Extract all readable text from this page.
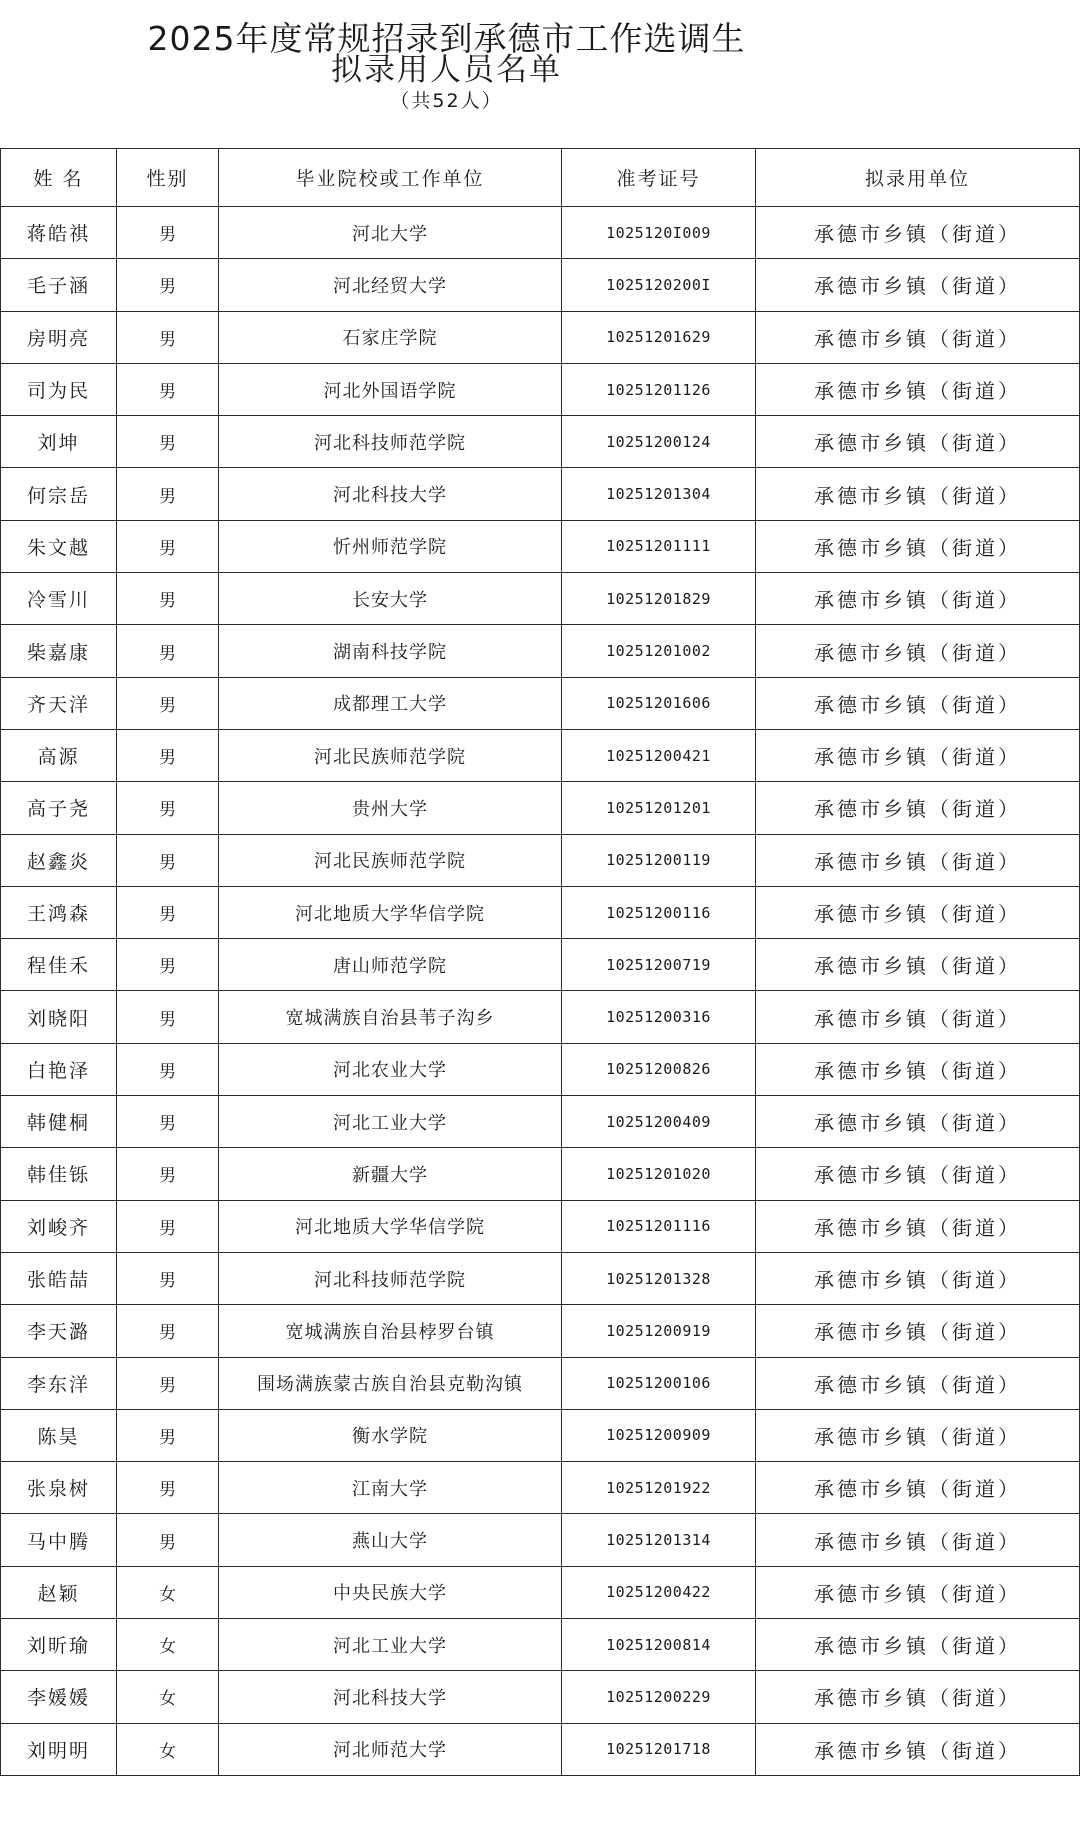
2025年度常规招录到承德市工作选调生
拟录用人员名单
（共52人）
姓 名	性别	毕业院校或工作单位	准考证号	拟录用单位
蒋皓祺	男	河北大学	1025120I009	承德市乡镇（街道）
毛子涵	男	河北经贸大学	1025120200I	承德市乡镇（街道）
房明亮	男	石家庄学院	10251201629	承德市乡镇（街道）
司为民	男	河北外国语学院	10251201126	承德市乡镇（街道）
刘坤	男	河北科技师范学院	10251200124	承德市乡镇（街道）
何宗岳	男	河北科技大学	10251201304	承德市乡镇（街道）
朱文越	男	忻州师范学院	10251201111	承德市乡镇（街道）
冷雪川	男	长安大学	10251201829	承德市乡镇（街道）
柴嘉康	男	湖南科技学院	10251201002	承德市乡镇（街道）
齐天洋	男	成都理工大学	10251201606	承德市乡镇（街道）
高源	男	河北民族师范学院	10251200421	承德市乡镇（街道）
高子尧	男	贵州大学	10251201201	承德市乡镇（街道）
赵鑫炎	男	河北民族师范学院	10251200119	承德市乡镇（街道）
王鸿森	男	河北地质大学华信学院	10251200116	承德市乡镇（街道）
程佳禾	男	唐山师范学院	10251200719	承德市乡镇（街道）
刘晓阳	男	宽城满族自治县苇子沟乡	10251200316	承德市乡镇（街道）
白艳泽	男	河北农业大学	10251200826	承德市乡镇（街道）
韩健桐	男	河北工业大学	10251200409	承德市乡镇（街道）
韩佳铄	男	新疆大学	10251201020	承德市乡镇（街道）
刘峻齐	男	河北地质大学华信学院	10251201116	承德市乡镇（街道）
张皓喆	男	河北科技师范学院	10251201328	承德市乡镇（街道）
李天潞	男	宽城满族自治县桲罗台镇	10251200919	承德市乡镇（街道）
李东洋	男	围场满族蒙古族自治县克勒沟镇	10251200106	承德市乡镇（街道）
陈昊	男	衡水学院	10251200909	承德市乡镇（街道）
张泉树	男	江南大学	10251201922	承德市乡镇（街道）
马中腾	男	燕山大学	10251201314	承德市乡镇（街道）
赵颖	女	中央民族大学	10251200422	承德市乡镇（街道）
刘昕瑜	女	河北工业大学	10251200814	承德市乡镇（街道）
李媛媛	女	河北科技大学	10251200229	承德市乡镇（街道）
刘明明	女	河北师范大学	10251201718	承德市乡镇（街道）
